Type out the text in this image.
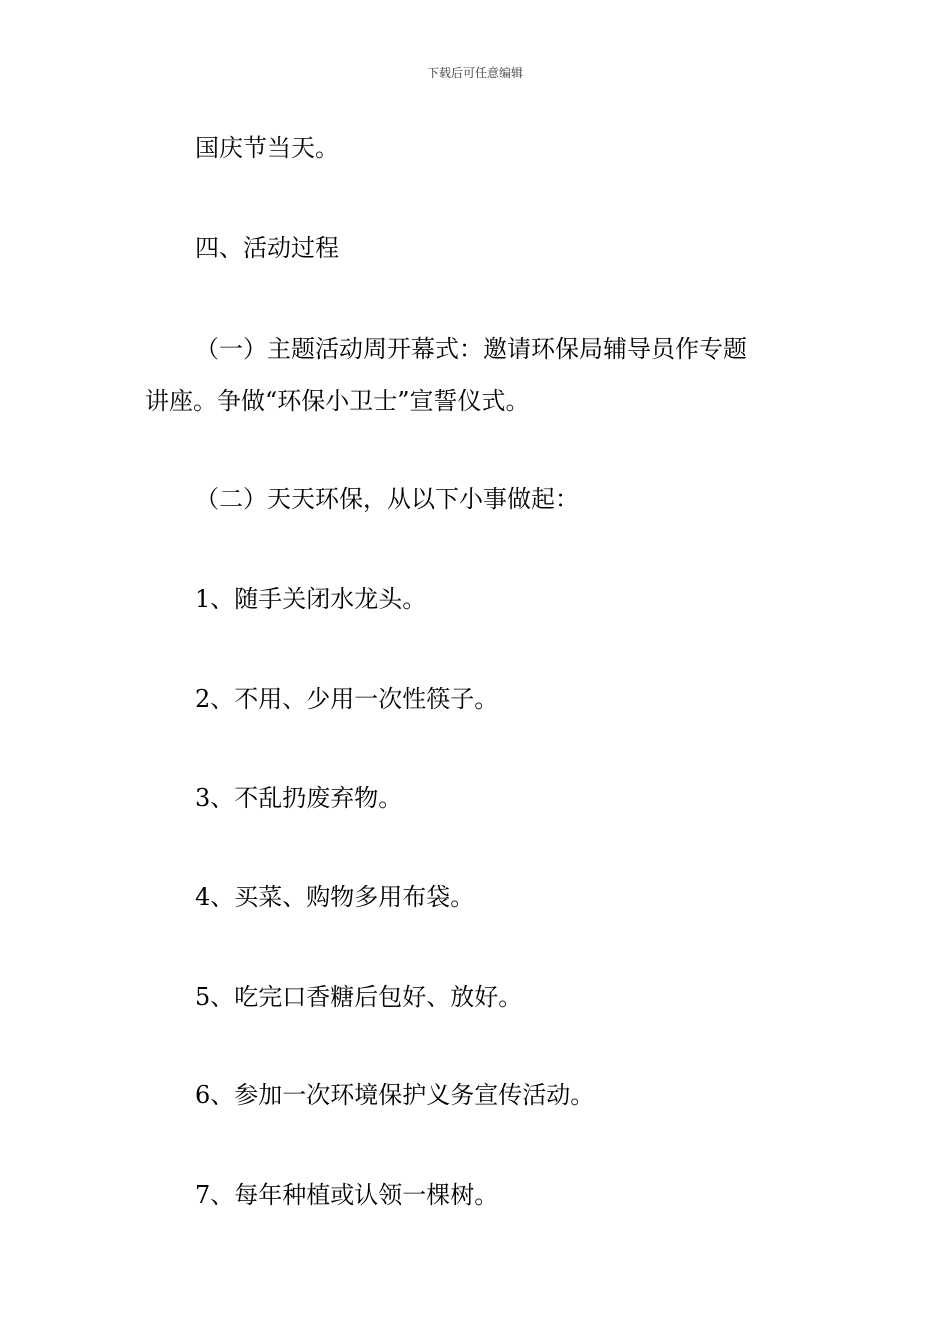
下载后可任意编辑
国庆节当天。
四、活动过程
（一）主题活动周开幕式：邀请环保局辅导员作专题
讲座。争做“环保小卫士”宣誓仪式。
（二）天天环保，从以下小事做起：
1、随手关闭水龙头。
2、不用、少用一次性筷子。
3、不乱扔废弃物。
4、买菜、购物多用布袋。
5、吃完口香糖后包好、放好。
6、参加一次环境保护义务宣传活动。
7、每年种植或认领一棵树。
